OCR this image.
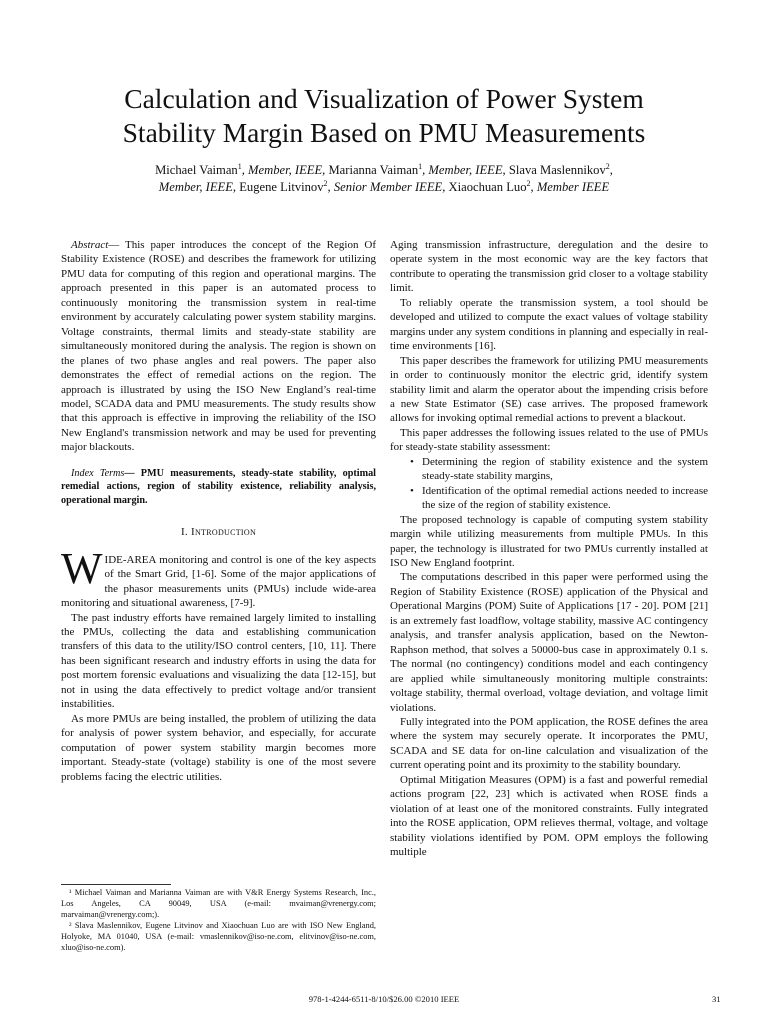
Calculation and Visualization of Power System
Stability Margin Based on PMU Measurements
Michael Vaiman$^1$, Member, IEEE, Marianna Vaiman$^1$, Member, IEEE, Slava Maslennikov$^2$,
Member, IEEE, Eugene Litvinov$^2$, Senior Member IEEE, Xiaochuan Luo$^2$, Member IEEE

Abstract— This paper introduces the concept of the Region Of Stability Existence (ROSE) and describes the framework for utilizing PMU data for computing of this region and operational margins. The approach presented in this paper is an automated process to continuously monitoring the transmission system in real-time environment by accurately calculating power system stability margins. Voltage constraints, thermal limits and steady-state stability are simultaneously monitored during the analysis. The region is shown on the planes of two phase angles and real powers. The paper also demonstrates the effect of remedial actions on the region. The approach is illustrated by using the ISO New England’s real-time model, SCADA data and PMU measurements. The study results show that this approach is effective in improving the reliability of the ISO New England's transmission network and may be used for preventing major blackouts.

Index Terms— PMU measurements, steady-state stability, optimal remedial actions, region of stability existence, reliability analysis, operational margin.

I. Introduction

WIDE-AREA monitoring and control is one of the key aspects of the Smart Grid, [1-6]. Some of the major applications of the phasor measurements units (PMUs) include wide-area monitoring and situational awareness, [7-9].

The past industry efforts have remained largely limited to installing the PMUs, collecting the data and establishing communication transfers of this data to the utility/ISO control centers, [10, 11]. There has been significant research and industry efforts in using the data for post mortem forensic evaluations and visualizing the data [12-15], but not in using the data effectively to predict voltage and/or transient instabilities.

As more PMUs are being installed, the problem of utilizing the data for analysis of power system behavior, and especially, for accurate computation of power system stability margin becomes more important. Steady-state (voltage) stability is one of the most severe problems facing the electric utilities.

Aging transmission infrastructure, deregulation and the desire to operate system in the most economic way are the key factors that contribute to operating the transmission grid closer to a voltage stability limit.

To reliably operate the transmission system, a tool should be developed and utilized to compute the exact values of voltage stability margins under any system conditions in planning and especially in real-time environments [16].

This paper describes the framework for utilizing PMU measurements in order to continuously monitor the electric grid, identify system stability limit and alarm the operator about the impending crisis before a new State Estimator (SE) case arrives. The proposed framework allows for invoking optimal remedial actions to prevent a blackout.

This paper addresses the following issues related to the use of PMUs for steady-state stability assessment:

• Determining the region of stability existence and the system steady-state stability margins,
• Identification of the optimal remedial actions needed to increase the size of the region of stability existence.

The proposed technology is capable of computing system stability margin while utilizing measurements from multiple PMUs. In this paper, the technology is illustrated for two PMUs currently installed at ISO New England footprint.

The computations described in this paper were performed using the Region of Stability Existence (ROSE) application of the Physical and Operational Margins (POM) Suite of Applications [17 - 20]. POM [21] is an extremely fast loadflow, voltage stability, massive AC contingency analysis, and transfer analysis application, based on the Newton-Raphson method, that solves a 50000-bus case in approximately 0.1 s. The normal (no contingency) conditions model and each contingency are applied while simultaneously monitoring multiple constraints: voltage stability, thermal overload, voltage deviation, and voltage limit violations.

Fully integrated into the POM application, the ROSE defines the area where the system may securely operate. It incorporates the PMU, SCADA and SE data for on-line calculation and visualization of the current operating point and its proximity to the stability boundary.

Optimal Mitigation Measures (OPM) is a fast and powerful remedial actions program [22, 23] which is activated when ROSE finds a violation of at least one of the monitored constraints. Fully integrated into the ROSE application, OPM relieves thermal, voltage, and voltage stability violations identified by POM. OPM employs the following multiple

¹ Michael Vaiman and Marianna Vaiman are with V&R Energy Systems Research, Inc., Los Angeles, CA 90049, USA (e-mail: mvaiman@vrenergy.com; marvaiman@vrenergy.com;).

² Slava Maslennikov, Eugene Litvinov and Xiaochuan Luo are with ISO New England, Holyoke, MA 01040, USA (e-mail: vmaslennikov@iso-ne.com, elitvinov@iso-ne.com, xluo@iso-ne.com).

978-1-4244-6511-8/10/$26.00 ©2010 IEEE	31
